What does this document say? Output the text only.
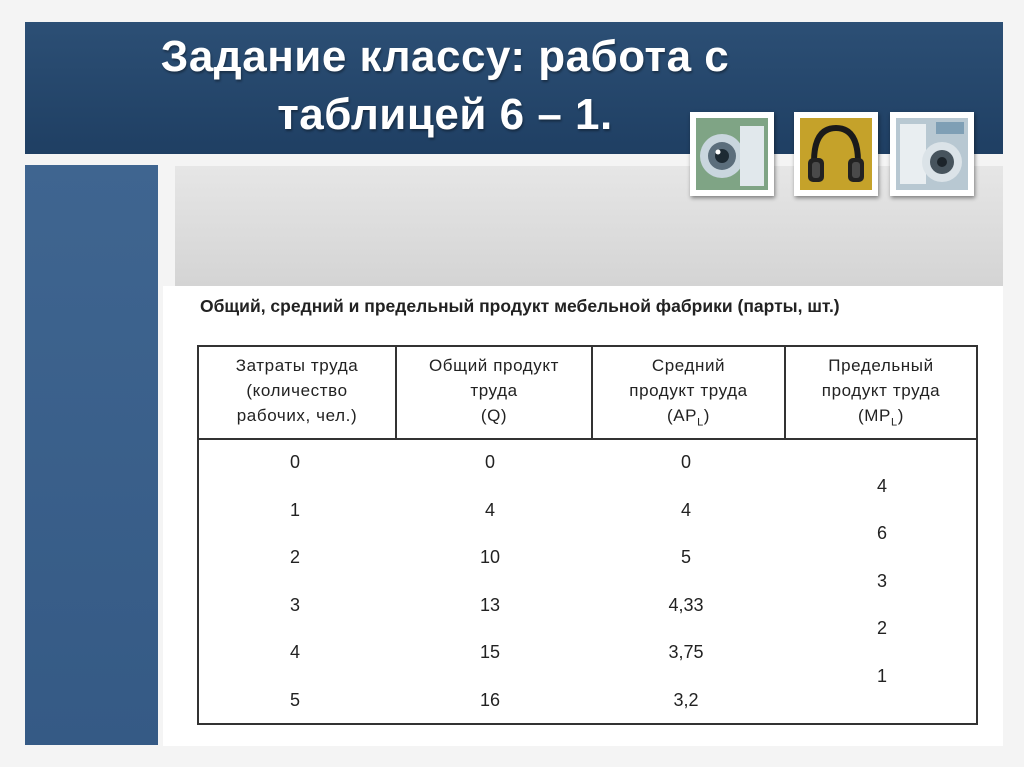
Задание классу: работа с
таблицей 6 – 1.
Общий, средний и предельный продукт мебельной фабрики (парты, шт.)
Затраты труда
(количество
рабочих, чел.)
Общий продукт
труда
(Q)
Средний
продукт труда
$(AP_L)$
Предельный
продукт труда
$(MP_L)$
0
1
2
3
4
5
0
4
10
13
15
16
0
4
5
4,33
3,75
3,2
4
6
3
2
1
